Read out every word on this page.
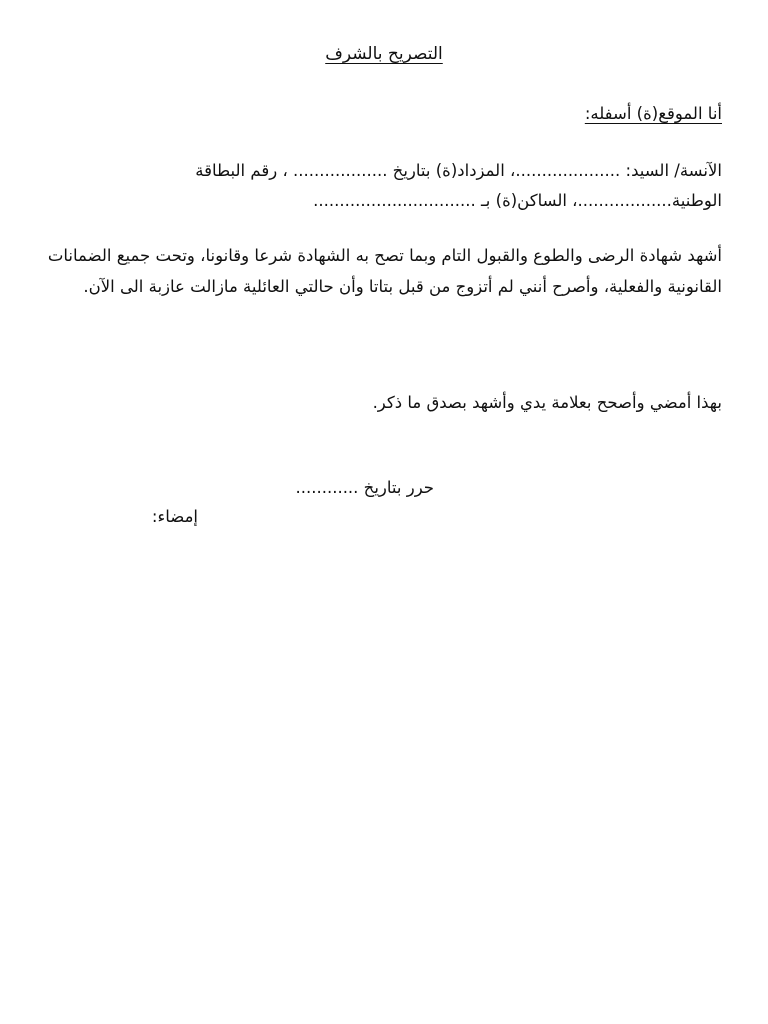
التصريح بالشرف
أنا الموقع(ة) أسفله:
الآنسة/ السيد: ....................، المزداد(ة) بتاريخ .................. ، رقم البطاقة
الوطنية..................، الساكن(ة) بـ ...............................
أشهد شهادة الرضى والطوع والقبول التام وبما تصح به الشهادة شرعا وقانونا، وتحت جميع الضمانات القانونية والفعلية، وأصرح أنني لم أتزوج من قبل بتاتا وأن حالتي العائلية مازالت عازبة الى الآن.
بهذا أمضي وأصحح بعلامة يدي وأشهد بصدق ما ذكر.
حرر بتاريخ ............
إمضاء:
